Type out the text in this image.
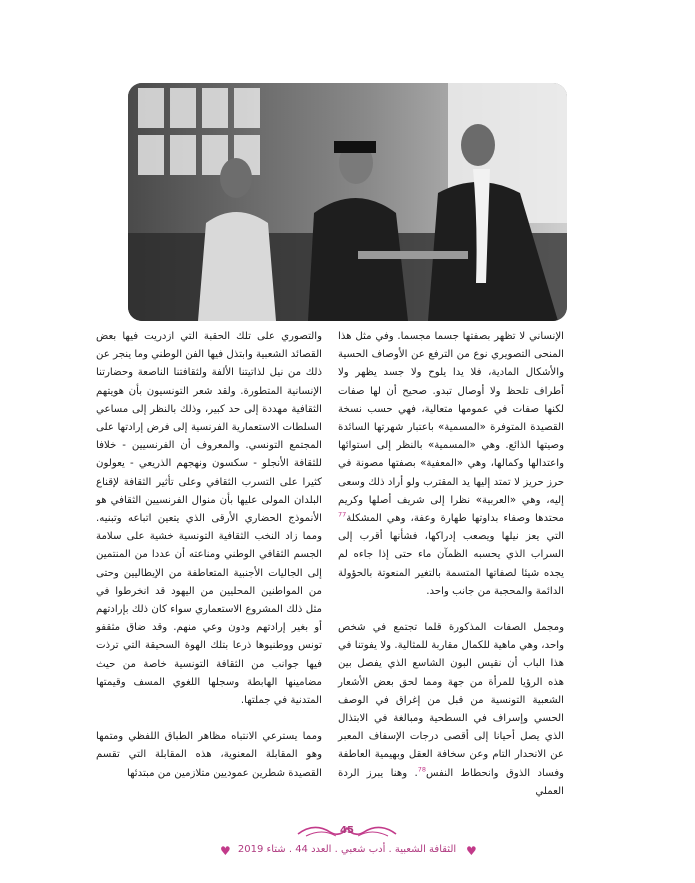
الإنساني لا تظهر بصفتها جسما مجسما. وفي مثل هذا المنحى التصويري نوع من الترفع عن الأوصاف الحسية والأشكال المادية، فلا يدا يلوح ولا جسد يظهر ولا أطراف تلحظ ولا أوصال تبدو. صحيح أن لها صفات لكنها صفات في عمومها متعالية، فهي حسب نسخة القصيدة المتوفرة «المسمية» باعتبار شهرتها السائدة وصيتها الذائع. وهي «المسمية» بالنظر إلى استوائها واعتدالها وكمالها، وهي «المعفية» بصفتها مصونة في حرز حريز لا تمتد إليها يد المقترب ولو أراد ذلك وسعى إليه، وهي «العربية» نظرا إلى شريف أصلها وكريم محتدها وصفاء بداوتها طهارة وعفة، وهي المشكلة$^{77}$ التي يعز نيلها ويصعب إدراكها، فشأنها أقرب إلى السراب الذي يحسبه الظمآن ماء حتى إذا جاءه لم يجده شيئا لصفاتها المتسمة بالتغير المنعوتة بالحؤولة الدائمة والمحجبة من جانب واحد.

ومجمل الصفات المذكورة قلما تجتمع في شخص واحد، وهي ماهية للكمال مقاربة للمثالية. ولا يفوتنا في هذا الباب أن نقيس البون الشاسع الذي يفصل بين هذه الرؤيا للمرأة من جهة ومما لحق بعض الأشعار الشعبية التونسية من قبل من إغراق في الوصف الحسي وإسراف في السطحية ومبالغة في الابتذال الذي يصل أحيانا إلى أقصى درجات الإسفاف المعبر عن الانحدار التام وعن سخافة العقل وبهيمية العاطفة وفساد الذوق وانحطاط النفس$^{78}$. وهنا يبرز الردة العملي

والتصوري على تلك الحقبة التي ازدريت فيها بعض القصائد الشعبية وابتذل فيها الفن الوطني وما ينجر عن ذلك من نيل لذاتيتنا الألفة ولثقافتنا الناصعة وحضارتنا الإنسانية المتطورة. ولقد شعر التونسيون بأن هويتهم الثقافية مهددة إلى حد كبير، وذلك بالنظر إلى مساعي السلطات الاستعمارية الفرنسية إلى فرض إرادتها على المجتمع التونسي. والمعروف أن الفرنسيين - خلافا للثقافة الأنجلو - سكسون ونهجهم الذريعي - يعولون كثيرا على التسرب الثقافي وعلى تأثير الثقافة لإقناع البلدان المولى عليها بأن منوال الفرنسيين الثقافي هو الأنموذج الحضاري الأرقى الذي يتعين اتباعه وتبنيه. ومما زاد النخب الثقافية التونسية خشية على سلامة الجسم الثقافي الوطني ومناعته أن عددا من المنتمين إلى الجاليات الأجنبية المتعاطفة من الإيطاليين وحتى من المواطنين المحليين من اليهود قد انخرطوا في مثل ذلك المشروع الاستعماري سواء كان ذلك بإرادتهم أو بغير إرادتهم ودون وعي منهم. وقد ضاق مثقفو تونس ووطنيوها ذرعا بتلك الهوة السحيقة التي ترذت فيها جوانب من الثقافة التونسية خاصة من حيث مضامينها الهابطة وسجلها اللغوي المسف وقيمتها المتدنية في جملتها.

ومما يسترعي الانتباه مظاهر الطباق اللفظي ومتمها وهو المقابلة المعنوية، هذه المقابلة التي تقسم القصيدة شطرين عموديين متلازمين من مبتدئها

45
♥ الثقافة الشعبية . أدب شعبي . العدد 44 . شتاء 2019 ♥
